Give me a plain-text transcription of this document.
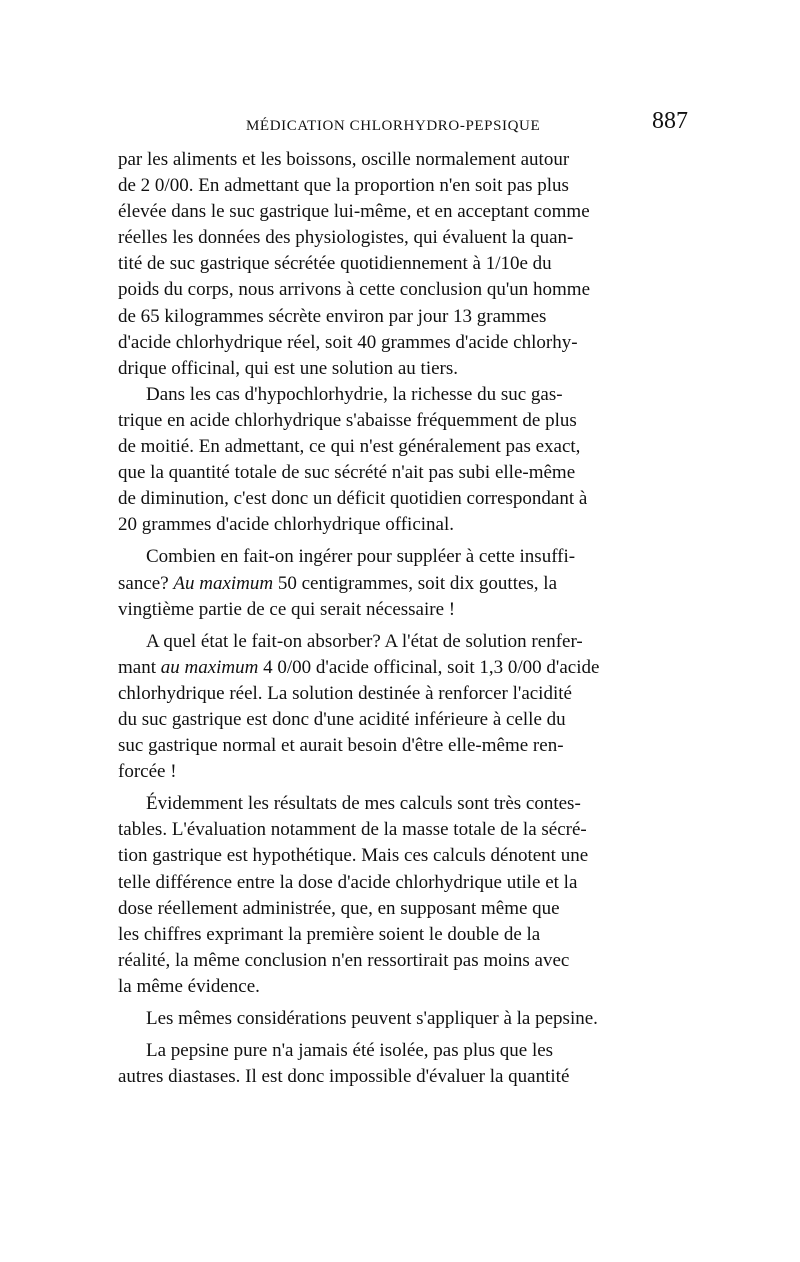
MÉDICATION CHLORHYDRO-PEPSIQUE	887
par les aliments et les boissons, oscille normalement autour
de 2 0/00. En admettant que la proportion n'en soit pas plus
élevée dans le suc gastrique lui-même, et en acceptant comme
réelles les données des physiologistes, qui évaluent la quan-
tité de suc gastrique sécrétée quotidiennement à 1/10e du
poids du corps, nous arrivons à cette conclusion qu'un homme
de 65 kilogrammes sécrète environ par jour 13 grammes
d'acide chlorhydrique réel, soit 40 grammes d'acide chlorhy-
drique officinal, qui est une solution au tiers.
Dans les cas d'hypochlorhydrie, la richesse du suc gas-
trique en acide chlorhydrique s'abaisse fréquemment de plus
de moitié. En admettant, ce qui n'est généralement pas exact,
que la quantité totale de suc sécrété n'ait pas subi elle-même
de diminution, c'est donc un déficit quotidien correspondant à
20 grammes d'acide chlorhydrique officinal.
Combien en fait-on ingérer pour suppléer à cette insuffi-
sance? Au maximum 50 centigrammes, soit dix gouttes, la
vingtième partie de ce qui serait nécessaire !
A quel état le fait-on absorber? A l'état de solution renfer-
mant au maximum 4 0/00 d'acide officinal, soit 1,3 0/00 d'acide
chlorhydrique réel. La solution destinée à renforcer l'acidité
du suc gastrique est donc d'une acidité inférieure à celle du
suc gastrique normal et aurait besoin d'être elle-même ren-
forcée !
Évidemment les résultats de mes calculs sont très contes-
tables. L'évaluation notamment de la masse totale de la sécré-
tion gastrique est hypothétique. Mais ces calculs dénotent une
telle différence entre la dose d'acide chlorhydrique utile et la
dose réellement administrée, que, en supposant même que
les chiffres exprimant la première soient le double de la
réalité, la même conclusion n'en ressortirait pas moins avec
la même évidence.
Les mêmes considérations peuvent s'appliquer à la pepsine.
La pepsine pure n'a jamais été isolée, pas plus que les
autres diastases. Il est donc impossible d'évaluer la quantité
